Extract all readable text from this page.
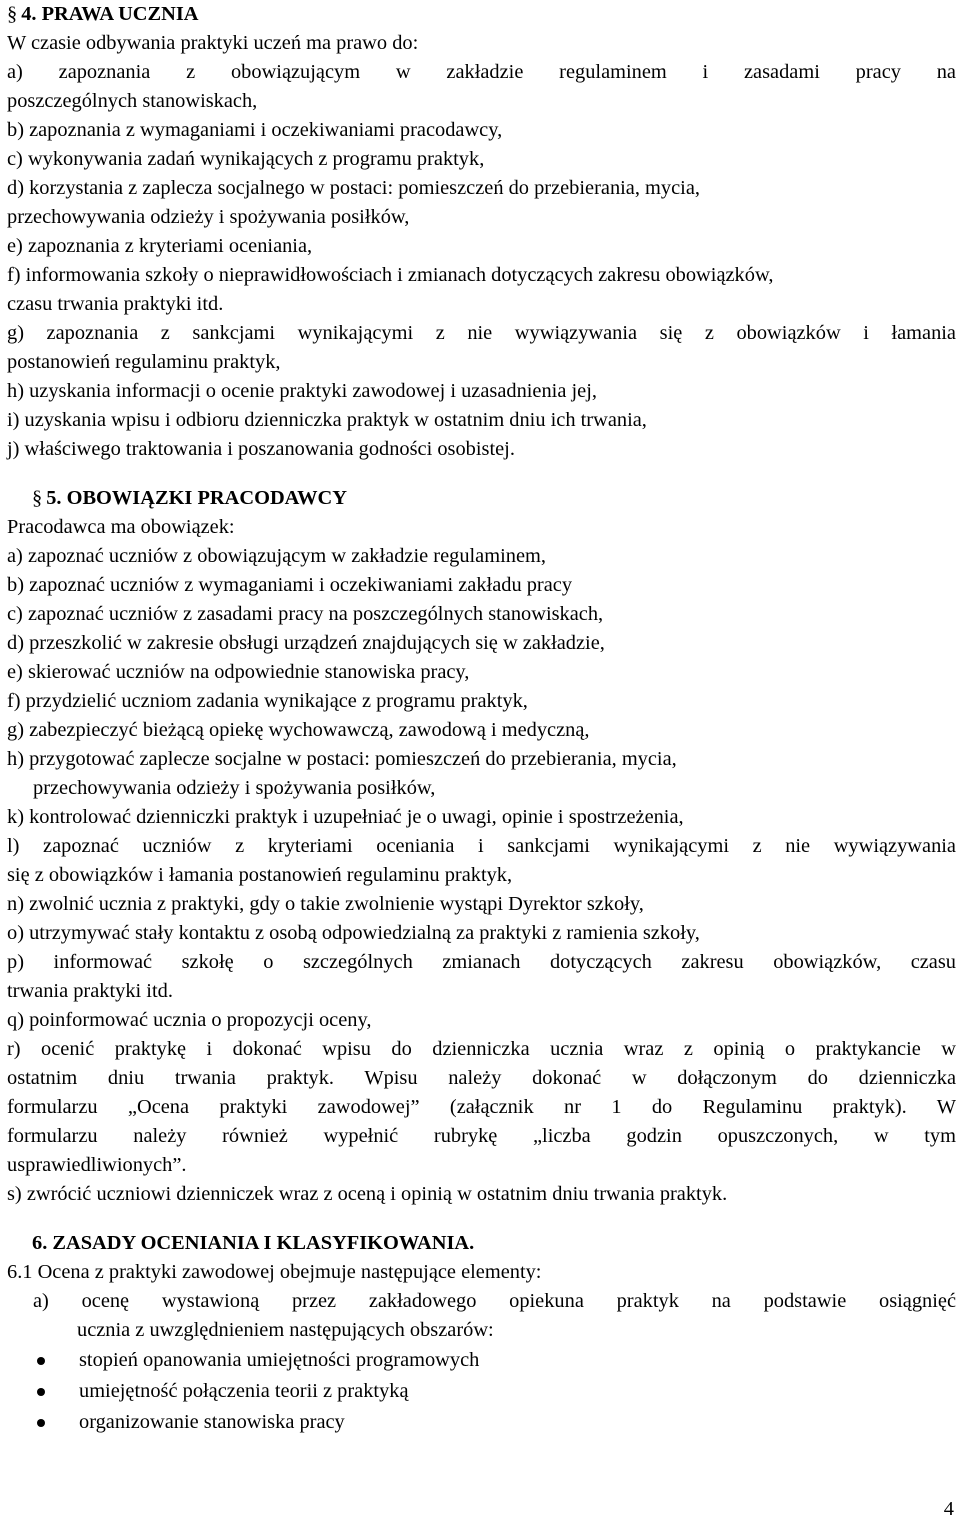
§ 4. PRAWA UCZNIA
W czasie odbywania praktyki uczeń ma prawo do:
a) zapoznania z obowiązującym w zakładzie regulaminem i zasadami pracy na
poszczególnych stanowiskach,
b) zapoznania z wymaganiami i oczekiwaniami pracodawcy,
c) wykonywania zadań wynikających z programu praktyk,
d) korzystania z zaplecza socjalnego w postaci: pomieszczeń do przebierania, mycia,
przechowywania odzieży i spożywania posiłków,
e) zapoznania z kryteriami oceniania,
f) informowania szkoły o nieprawidłowościach i zmianach dotyczących zakresu obowiązków,
czasu trwania praktyki itd.
g) zapoznania z sankcjami wynikającymi z nie wywiązywania się z obowiązków i łamania
postanowień regulaminu praktyk,
h) uzyskania informacji o ocenie praktyki zawodowej i uzasadnienia jej,
i) uzyskania wpisu i odbioru dzienniczka praktyk w ostatnim dniu ich trwania,
j) właściwego traktowania i poszanowania godności osobistej.
§ 5. OBOWIĄZKI PRACODAWCY
Pracodawca ma obowiązek:
a) zapoznać uczniów z obowiązującym w zakładzie regulaminem,
b) zapoznać uczniów z wymaganiami i oczekiwaniami zakładu pracy
c) zapoznać uczniów z zasadami pracy na poszczególnych stanowiskach,
d) przeszkolić w zakresie obsługi urządzeń znajdujących się w zakładzie,
e) skierować uczniów na odpowiednie stanowiska pracy,
f) przydzielić uczniom zadania wynikające z programu praktyk,
g) zabezpieczyć bieżącą opiekę wychowawczą, zawodową i medyczną,
h) przygotować zaplecze socjalne w postaci: pomieszczeń do przebierania, mycia,
przechowywania odzieży i spożywania posiłków,
k) kontrolować dzienniczki praktyk i uzupełniać je o uwagi, opinie i spostrzeżenia,
l) zapoznać uczniów z kryteriami oceniania i sankcjami wynikającymi z nie wywiązywania
się z obowiązków i łamania postanowień regulaminu praktyk,
n) zwolnić ucznia z praktyki, gdy o takie zwolnienie wystąpi Dyrektor szkoły,
o) utrzymywać stały kontaktu z osobą odpowiedzialną za praktyki z ramienia szkoły,
p) informować szkołę o szczególnych zmianach dotyczących zakresu obowiązków, czasu
trwania praktyki itd.
q) poinformować ucznia o propozycji oceny,
r) ocenić praktykę i dokonać wpisu do dzienniczka ucznia wraz z opinią o praktykancie w
ostatnim dniu trwania praktyk. Wpisu należy dokonać w dołączonym do dzienniczka
formularzu „Ocena praktyki zawodowej” (załącznik nr 1 do Regulaminu praktyk). W
formularzu należy również wypełnić rubrykę „liczba godzin opuszczonych, w tym
usprawiedliwionych”.
s) zwrócić uczniowi dzienniczek wraz z oceną i opinią w ostatnim dniu trwania praktyk.
6. ZASADY OCENIANIA I KLASYFIKOWANIA.
6.1 Ocena z praktyki zawodowej obejmuje następujące elementy:
a) ocenę wystawioną przez zakładowego opiekuna praktyk na podstawie osiągnięć
ucznia z uwzględnieniem następujących obszarów:
stopień opanowania umiejętności programowych
umiejętność połączenia teorii z praktyką
organizowanie stanowiska pracy
4
